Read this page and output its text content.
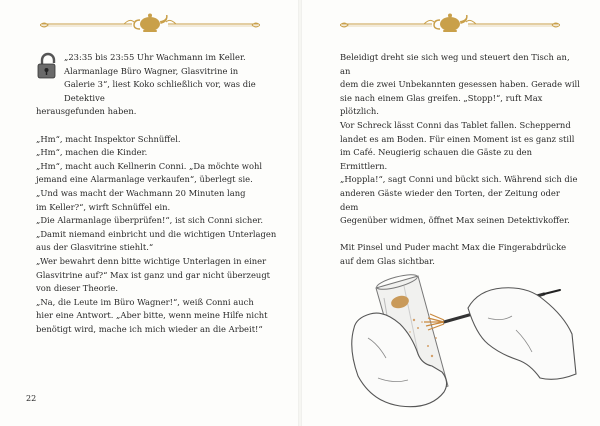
„23:35 bis 23:55 Uhr Wachmann im Keller.

Alarmanlage Büro Wagner, Glasvitrine in

Galerie 3“, liest Koko schließlich vor, was die Detektive

herausgefunden haben.

„Hm“, macht Inspektor Schnüffel.

„Hm“, machen die Kinder.

„Hm“, macht auch Kellnerin Conni. „Da möchte wohl

jemand eine Alarmanlage verkaufen“, überlegt sie.

„Und was macht der Wachmann 20 Minuten lang

im Keller?“, wirft Schnüffel ein.

„Die Alarmanlage überprüfen!“, ist sich Conni sicher.

„Damit niemand einbricht und die wichtigen Unterlagen

aus der Glasvitrine stiehlt.“

„Wer bewahrt denn bitte wichtige Unterlagen in einer

Glasvitrine auf?“ Max ist ganz und gar nicht überzeugt

von dieser Theorie.

„Na, die Leute im Büro Wagner!“, weiß Conni auch

hier eine Antwort. „Aber bitte, wenn meine Hilfe nicht

benötigt wird, mache ich mich wieder an die Arbeit!“

22

Beleidigt dreht sie sich weg und steuert den Tisch an, an

dem die zwei Unbekannten gesessen haben. Gerade will

sie nach einem Glas greifen. „Stopp!“, ruft Max plötzlich.

Vor Schreck lässt Conni das Tablet fallen. Scheppernd

landet es am Boden. Für einen Moment ist es ganz still

im Café. Neugierig schauen die Gäste zu den Ermittlern.

„Hoppla!“, sagt Conni und bückt sich. Während sich die

anderen Gäste wieder den Torten, der Zeitung oder dem

Gegenüber widmen, öffnet Max seinen Detektivkoffer.

Mit Pinsel und Puder macht Max die Fingerabdrücke

auf dem Glas sichtbar.
